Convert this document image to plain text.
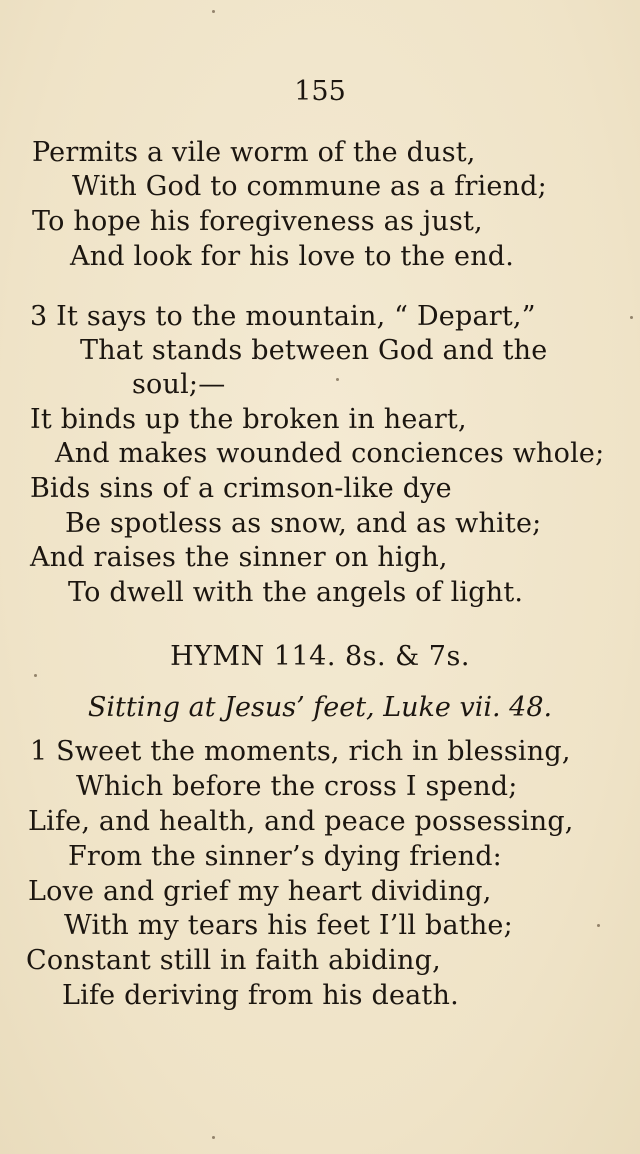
155
Permits a vile worm of the dust,
With God to commune as a friend;
To hope his foregiveness as just,
And look for his love to the end.
3 It says to the mountain, “ Depart,”
That stands between God and the
soul;—
It binds up the broken in heart,
And makes wounded conciences whole;
Bids sins of a crimson-like dye
Be spotless as snow, and as white;
And raises the sinner on high,
To dwell with the angels of light.
HYMN 114. 8s. & 7s.
Sitting at Jesus’ feet, Luke vii. 48.
1 Sweet the moments, rich in blessing,
Which before the cross I spend;
Life, and health, and peace possessing,
From the sinner’s dying friend:
Love and grief my heart dividing,
With my tears his feet I’ll bathe;
Constant still in faith abiding,
Life deriving from his death.
